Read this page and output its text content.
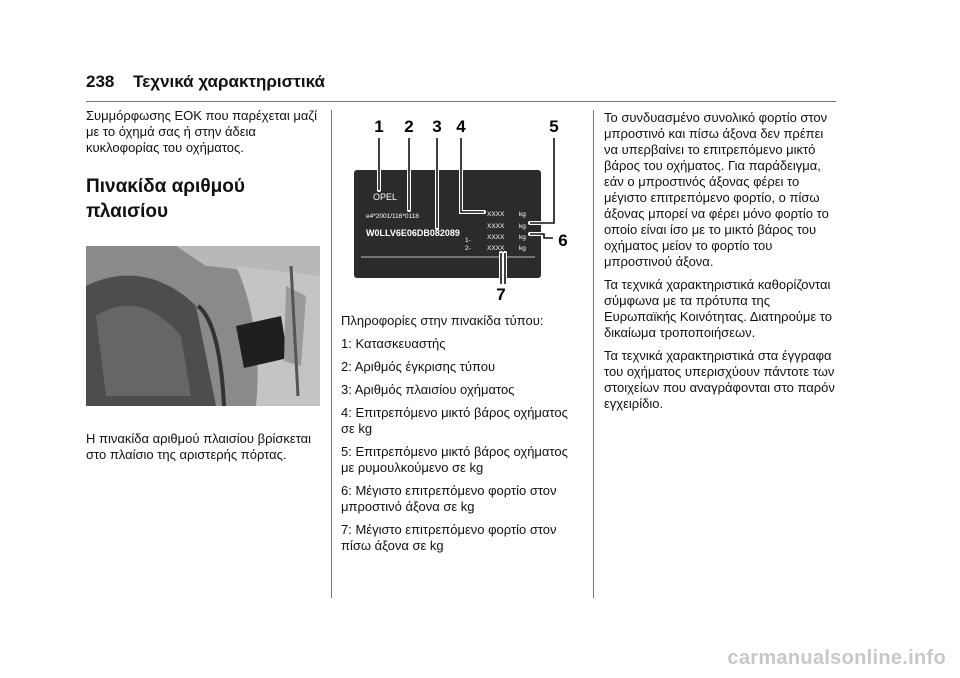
238 Τεχνικά χαρακτηριστικά

Συμμόρφωσης ΕΟΚ που παρέχεται μαζί με το όχημά σας ή στην άδεια κυκλοφορίας του οχήματος.

Πινακίδα αριθμού πλαισίου
Η πινακίδα αριθμού πλαισίου βρίσκεται στο πλαίσιο της αριστερής πόρτας.
1 2 3 4	5
6
7
OPEL
e4*2001/116*0118
W0LLV6E06DB082089
1-
2-
XXXX
XXXX
XXXX
XXXX
kg
kg
kg
kg

Πληροφορίες στην πινακίδα τύπου:

1: Κατασκευαστής

2: Αριθμός έγκρισης τύπου

3: Αριθμός πλαισίου οχήματος

4: Επιτρεπόμενο μικτό βάρος οχήματος σε kg

5: Επιτρεπόμενο μικτό βάρος οχήματος με ρυμουλκούμενο σε kg

6: Μέγιστο επιτρεπόμενο φορτίο στον μπροστινό άξονα σε kg

7: Μέγιστο επιτρεπόμενο φορτίο στον πίσω άξονα σε kg

Το συνδυασμένο συνολικό φορτίο στον μπροστινό και πίσω άξονα δεν πρέπει να υπερβαίνει το επιτρεπόμενο μικτό βάρος του οχήματος. Για παράδειγμα, εάν ο μπροστινός άξονας φέρει το μέγιστο επιτρεπόμενο φορτίο, ο πίσω άξονας μπορεί να φέρει μόνο φορτίο το οποίο είναι ίσο με το μικτό βάρος του οχήματος μείον το φορτίο του μπροστινού άξονα.

Τα τεχνικά χαρακτηριστικά καθορίζονται σύμφωνα με τα πρότυπα της Ευρωπαϊκής Κοινότητας. Διατηρούμε το δικαίωμα τροποποιήσεων.

Τα τεχνικά χαρακτηριστικά στα έγγραφα του οχήματος υπερισχύουν πάντοτε των στοιχείων που αναγράφονται στο παρόν εγχειρίδιο.

carmanualsonline.info
